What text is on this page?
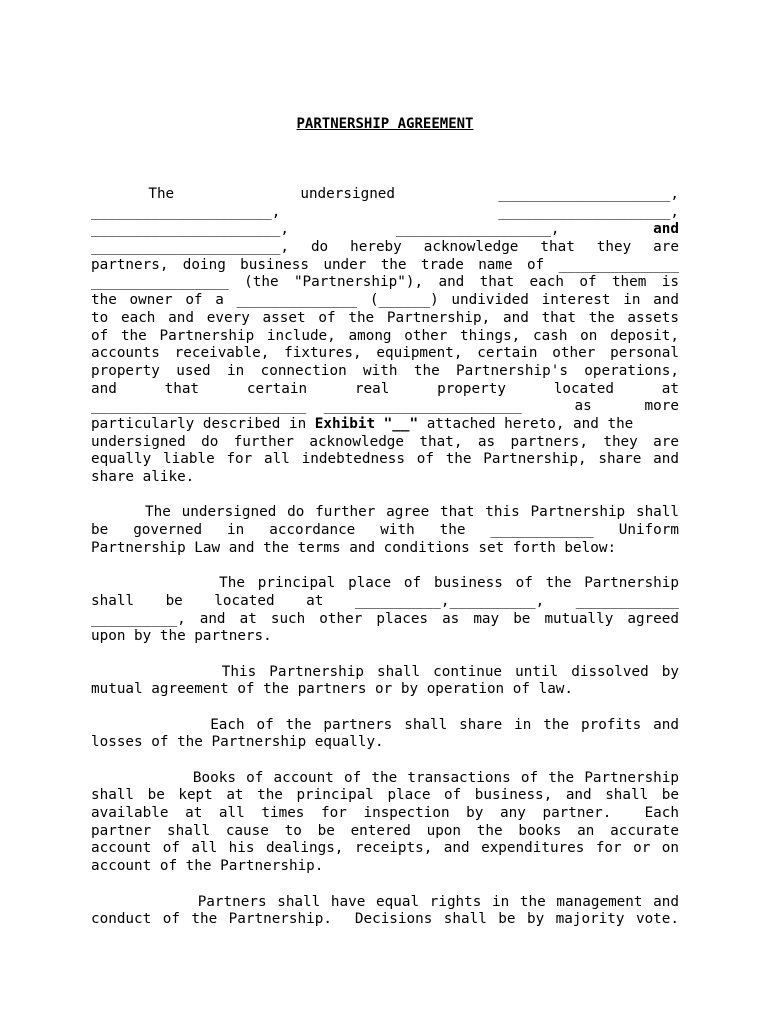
PARTNERSHIP AGREEMENT
The           undersigned         ____________________,
_____________________,                 ____________________,
______________________,        __________________,       and
______________________, do hereby acknowledge that they are
partners, doing business under the trade name of ______________
________________ (the "Partnership"), and that each of them is
the owner of a ______________ (______) undivided interest in and
to each and every asset of the Partnership, and that the assets
of the Partnership include, among other things, cash on deposit,
accounts receivable, fixtures, equipment, certain other personal
property used in connection with the Partnership's operations,
and    that    certain    real    property    located    at
_________________________ _______________________   as   more
particularly described in Exhibit "__" attached hereto, and the
undersigned do further acknowledge that, as partners, they are
equally liable for all indebtedness of the Partnership, share and
share alike.
The undersigned do further agree that this Partnership shall
be  governed  in  accordance  with  the  ____________  Uniform
Partnership Law and the terms and conditions set forth below:
The principal place of business of the Partnership
shall   be   located   at   __________,__________,   ____________
__________, and at such other places as may be mutually agreed
upon by the partners.
This Partnership shall continue until dissolved by
mutual agreement of the partners or by operation of law.
Each of the partners shall share in the profits and
losses of the Partnership equally.
Books of account of the transactions of the Partnership
shall be kept at the principal place of business, and shall be
available at all times for inspection by any partner.  Each
partner shall cause to be entered upon the books an accurate
account of all his dealings, receipts, and expenditures for or on
account of the Partnership.
Partners shall have equal rights in the management and
conduct of the Partnership.  Decisions shall be by majority vote.
